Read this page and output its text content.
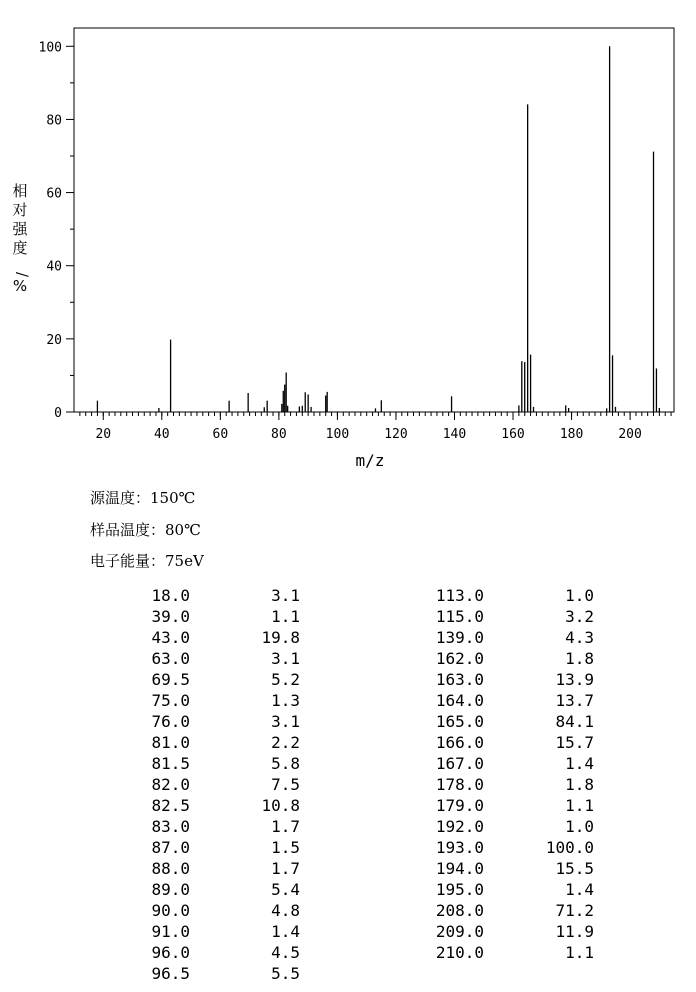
20	40	60	80	100	120	140	160	180	200
0
20
40
60
80
100
m/z
相对强度/ %
源温度：150℃
样品温度：80℃
电子能量：75eV
18.0	3.1
39.0	1.1
43.0	19.8
63.0	3.1
69.5	5.2
75.0	1.3
76.0	3.1
81.0	2.2
81.5	5.8
82.0	7.5
82.5	10.8
83.0	1.7
87.0	1.5
88.0	1.7
89.0	5.4
90.0	4.8
91.0	1.4
96.0	4.5
96.5	5.5
113.0	1.0
115.0	3.2
139.0	4.3
162.0	1.8
163.0	13.9
164.0	13.7
165.0	84.1
166.0	15.7
167.0	1.4
178.0	1.8
179.0	1.1
192.0	1.0
193.0	100.0
194.0	15.5
195.0	1.4
208.0	71.2
209.0	11.9
210.0	1.1
